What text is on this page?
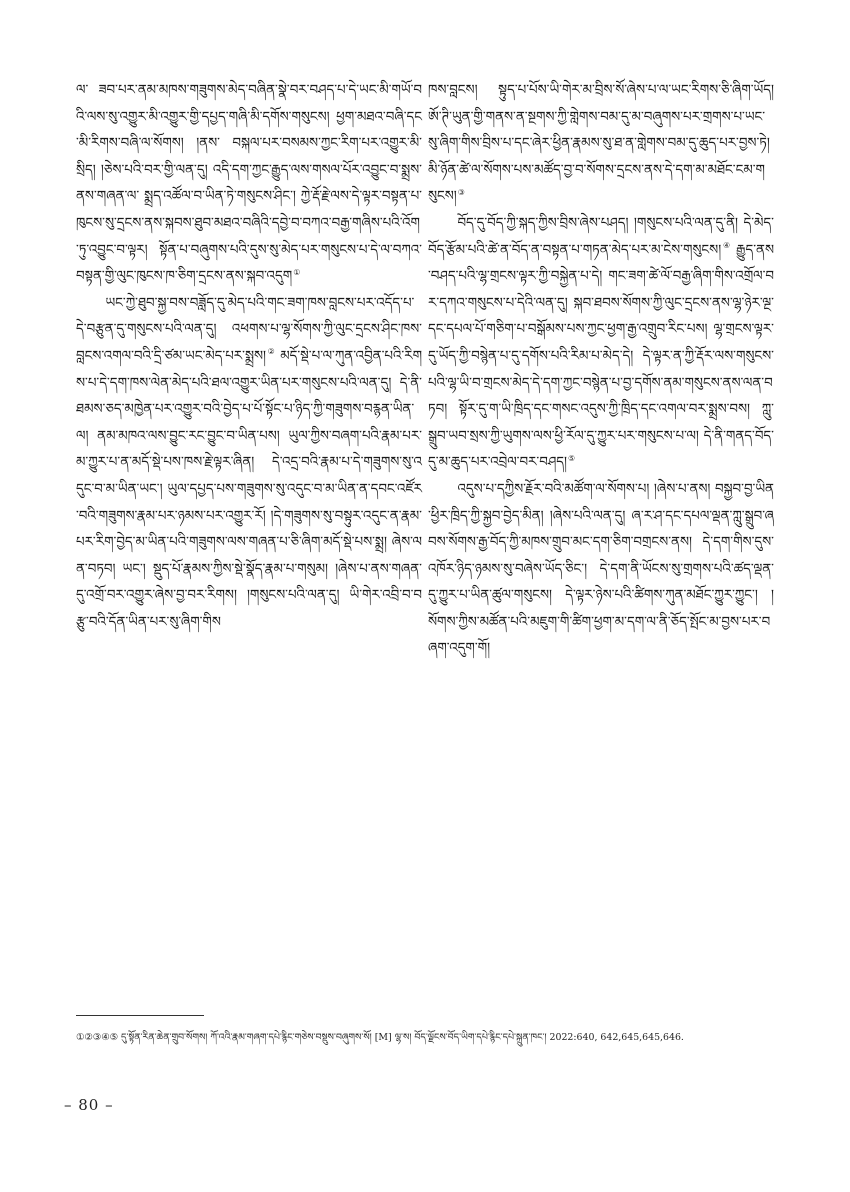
ལ་ ཟབ་པར་ནམ་མཁས་གཟུགས་མེད་བཞིན་སྣེ་བར་བཤད་པ་དེ་ཡང་མི་གཡོ་བའི་ལས་སུ་འགྱུར་མི་འགྱུར་གྱི་དཔྱད་གཞི་མི་དགོས་གསུངས། ཕྱག་མཐའ་བཞི་དང་མི་རིགས་བཞི་ལ་སོགས། །ནས་ བསྐལ་པར་བསམས་ཀྱང་རིག་པར་འགྱུར་མི་སྲིད། །ཅེས་པའི་བར་གྱི་ལན་དུ། འདི་དག་ཀྱང་རྒྱུད་ལས་གསལ་པོར་འབྱུང་བ་སྨྲས་ནས་གཞན་ལ་ སྨྲད་འཚོལ་བ་ཡིན་ཏེ་གསུངས་ཤིང་། ཀྱེ་རྡོ་རྗེ་ལས་དེ་ལྟར་བསྟན་པ་ཁུངས་སུ་དྲངས་ནས་སྐབས་ཐུབ་མཐའ་བཞིའི་དབྱེ་བ་བཀའ་བརྒྱ་གཞིས་པའི་འོག་ཏུ་འབྱུང་བ་ལྟར། སྟོན་པ་བཞུགས་པའི་དུས་སུ་མེད་པར་གསུངས་པ་དེ་ལ་བཀའ་བསྟན་གྱི་ལུང་ཁུངས་ཁ་ཅིག་དྲངས་ནས་སྐབ་འདུག①

ཡང་ཀྱེ་ཐུབ་སྐྱ་བས་བཟློད་དུ་མེད་པའི་གང་ཟག་ཁས་བླངས་པར་འདོད་པ་དེ་བརྩུན་དུ་གསུངས་པའི་ལན་དུ། འཕགས་པ་ལྷ་སོགས་ཀྱི་ལུང་དྲངས་ཤིང་ཁས་བླངས་འགལ་བའི་དྲི་ཙམ་ཡང་མེད་པར་སྨྲས།② མདོ་སྡེ་པ་ལ་ཀུན་འབྱིན་པའི་རིགས་པ་དེ་དག་ཁས་ལེན་མེད་པའི་ཐལ་འགྱུར་ཡིན་པར་གསུངས་པའི་ལན་དུ། དེ་ནི་ཐམས་ཅད་མཁྱེན་པར་འགྱུར་བའི་བྱེད་པ་པོ་སྟོང་པ་ཉིད་ཀྱི་གཟུགས་བརྙན་ཡིན་ལ། ནམ་མཁའ་ལས་བྱུང་རང་བྱུང་བ་ཡིན་པས། ཡུལ་ཀྱིས་བཞག་པའི་རྣམ་པར་མ་ཀྱུར་པ་ན་མདོ་སྡེ་པས་ཁས་རྗེ་ལྟར་ཞིན། དེ་འདྲ་བའི་རྣམ་པ་དེ་གཟུགས་སུ་འདུང་བ་མ་ཡིན་ཡང་། ཡུལ་དཔྱད་པས་གཟུགས་སུ་འདུང་བ་མ་ཡིན་ན་དབང་འཛོར་བའི་གཟུགས་རྣམ་པར་ཉམས་པར་འགྱུར་རོ། །དེ་གཟུགས་སུ་བསྟུར་འདུང་ན་རྣམ་པར་རིག་བྱེད་མ་ཡིན་པའི་གཟུགས་ལས་གཞན་པ་ཅི་ཞིག་མདོ་སྡེ་པས་སྨྲ། ཞེས་ལན་བཏབ། ཡང་། སྡུད་པོ་རྣམས་ཀྱིས་སྡེ་སྣོད་རྣམ་པ་གསུམ། །ཞེས་པ་ནས་གཞན་དུ་འགྲོ་བར་འགྱུར་ཞེས་བྱ་བར་རིགས། །གསུངས་པའི་ལན་དུ། ཡི་གེར་འབྲི་བ་བརྩུ་བའི་དོན་ཡིན་པར་སུ་ཞིག་གིས

ཁས་བླངས། སྟུད་པ་པོས་ཡི་གེར་མ་བྲིས་སོ་ཞེས་པ་ལ་ཡང་རིགས་ཅི་ཞིག་ཡོད། ཨོ་ཊི་ཡུན་གྱི་གནས་ན་སྔགས་ཀྱི་གླེགས་བམ་དུ་མ་བཞུགས་པར་གྲགས་པ་ཡང་སུ་ཞིག་གིས་བྲིས་པ་དང་ཞེར་ཕྱིན་རྣམས་སུ་ཐ་ན་གླེགས་བམ་དུ་ཆུད་པར་བྱས་ཏེ། མི་ཉོན་ཚེ་ལ་སོགས་པས་མཚོད་བྱ་བ་སོགས་དྲངས་ནས་དེ་དག་མ་མཐོང་ངམ་གསུངས།③

བོད་དུ་བོད་ཀྱི་སྐད་ཀྱིས་བྲིས་ཞེས་པཤད། །གསུངས་པའི་ལན་དུ་ནི། དེ་མེད་བོད་རྩོམ་པའི་ཚེ་ན་བོད་ན་བསྟན་པ་གཏན་མེད་པར་མ་ངེས་གསུངས།④ རྒྱུད་ནས་བཤད་པའི་ལྷ་གྲངས་ལྟར་ཀྱི་བསྐྱེན་པ་དེ། གང་ཟག་ཚེ་ལོ་བརྒྱ་ཞིག་གིས་འགྲོལ་བར་དཀའ་གསུངས་པ་དེའི་ལན་དུ། སྐབ་ཐབས་སོགས་ཀྱི་ལུང་དྲངས་ནས་ལྷ་ཉེར་ལྔ་དང་དཔལ་པོ་གཅིག་པ་བསྒོམས་པས་ཀྱང་ཕྱག་རྒྱ་འགྲུབ་རིང་པས། ལྷ་གྲངས་ལྟར་དུ་ཡོད་ཀྱི་བསྙེན་པ་དུ་དགོས་པའི་རིམ་པ་མེད་དེ། དེ་ལྟར་ན་ཀྱི་རྡོར་ལས་གསུངས་པའི་ལྷ་ཡི་བ་གྲངས་མེད་དེ་དག་ཀྱང་བསྙེན་པ་བྱ་དགོས་ནམ་གསུངས་ནས་ལན་བཏབ། སྟོར་དུ་ག་ཡི་ཁྲིད་དང་གསང་འདུས་ཀྱི་ཁྲིད་དང་འགལ་བར་སྨྲས་བས། ཀླུ་སྒྲུབ་ཡབ་སྲས་ཀྱི་ཡུགས་ལས་ཕྱི་རོལ་དུ་ཀྱུར་པར་གསུངས་པ་ལ། དེ་ནི་གནད་བོད་དུ་མ་ཆུད་པར་འབྲེལ་བར་བཤད།⑤

འདུས་པ་དཀྱིས་རྗོར་བའི་མཚོག་ལ་སོགས་པ། །ཞེས་པ་ནས། བསྐྱབ་བྱ་ཡིན་ཕྱིར་ཁྲིད་ཀྱི་སྐྱབ་བྱེད་མིན། །ཞེས་པའི་ལན་དུ། ཞ་ར་ཤ་དང་དཔལ་ལྡན་ཀླུ་སྒྲུབ་ཞབས་སོགས་རྒྱ་བོད་ཀྱི་མཁས་གྲུབ་མང་དག་ཅིག་བགྲངས་ནས། དེ་དག་གིས་དུས་འཁོར་ཉིད་ཉམས་སུ་བཞེས་ཡོད་ཅིང་། དེ་དག་ནི་ཡོངས་སུ་གྲགས་པའི་ཚད་ལྡན་དུ་ཀྱུར་པ་ཡིན་ཚུལ་གསུངས། དེ་ལྟར་ཉེས་པའི་ཚིགས་ཀུན་མཐོང་ཀྱུར་ཀྱུང་། །སོགས་ཀྱིས་མཚོན་པའི་མཇུག་གི་ཚིག་ཕྱག་མ་དག་ལ་ནི་ཅོད་སྤོང་མ་བྱས་པར་བཞག་འདུག་གོ།

①②③④⑤ དུ་སྟོན་རིན་ཆེན་གྲུབ་སོགས། ཀོ་འའི་རྣམ་གཞག་དཔེ་རྙིང་གཅེས་བསྡུས་བཞུགས་སོ། [M] ལྷ་ས། བོད་ལྗོངས་བོད་ཡིག་དཔེ་རྙིང་དཔེ་སྐྲུན་ཁང་། 2022:640, 642,645,645,646.
– 80 –
